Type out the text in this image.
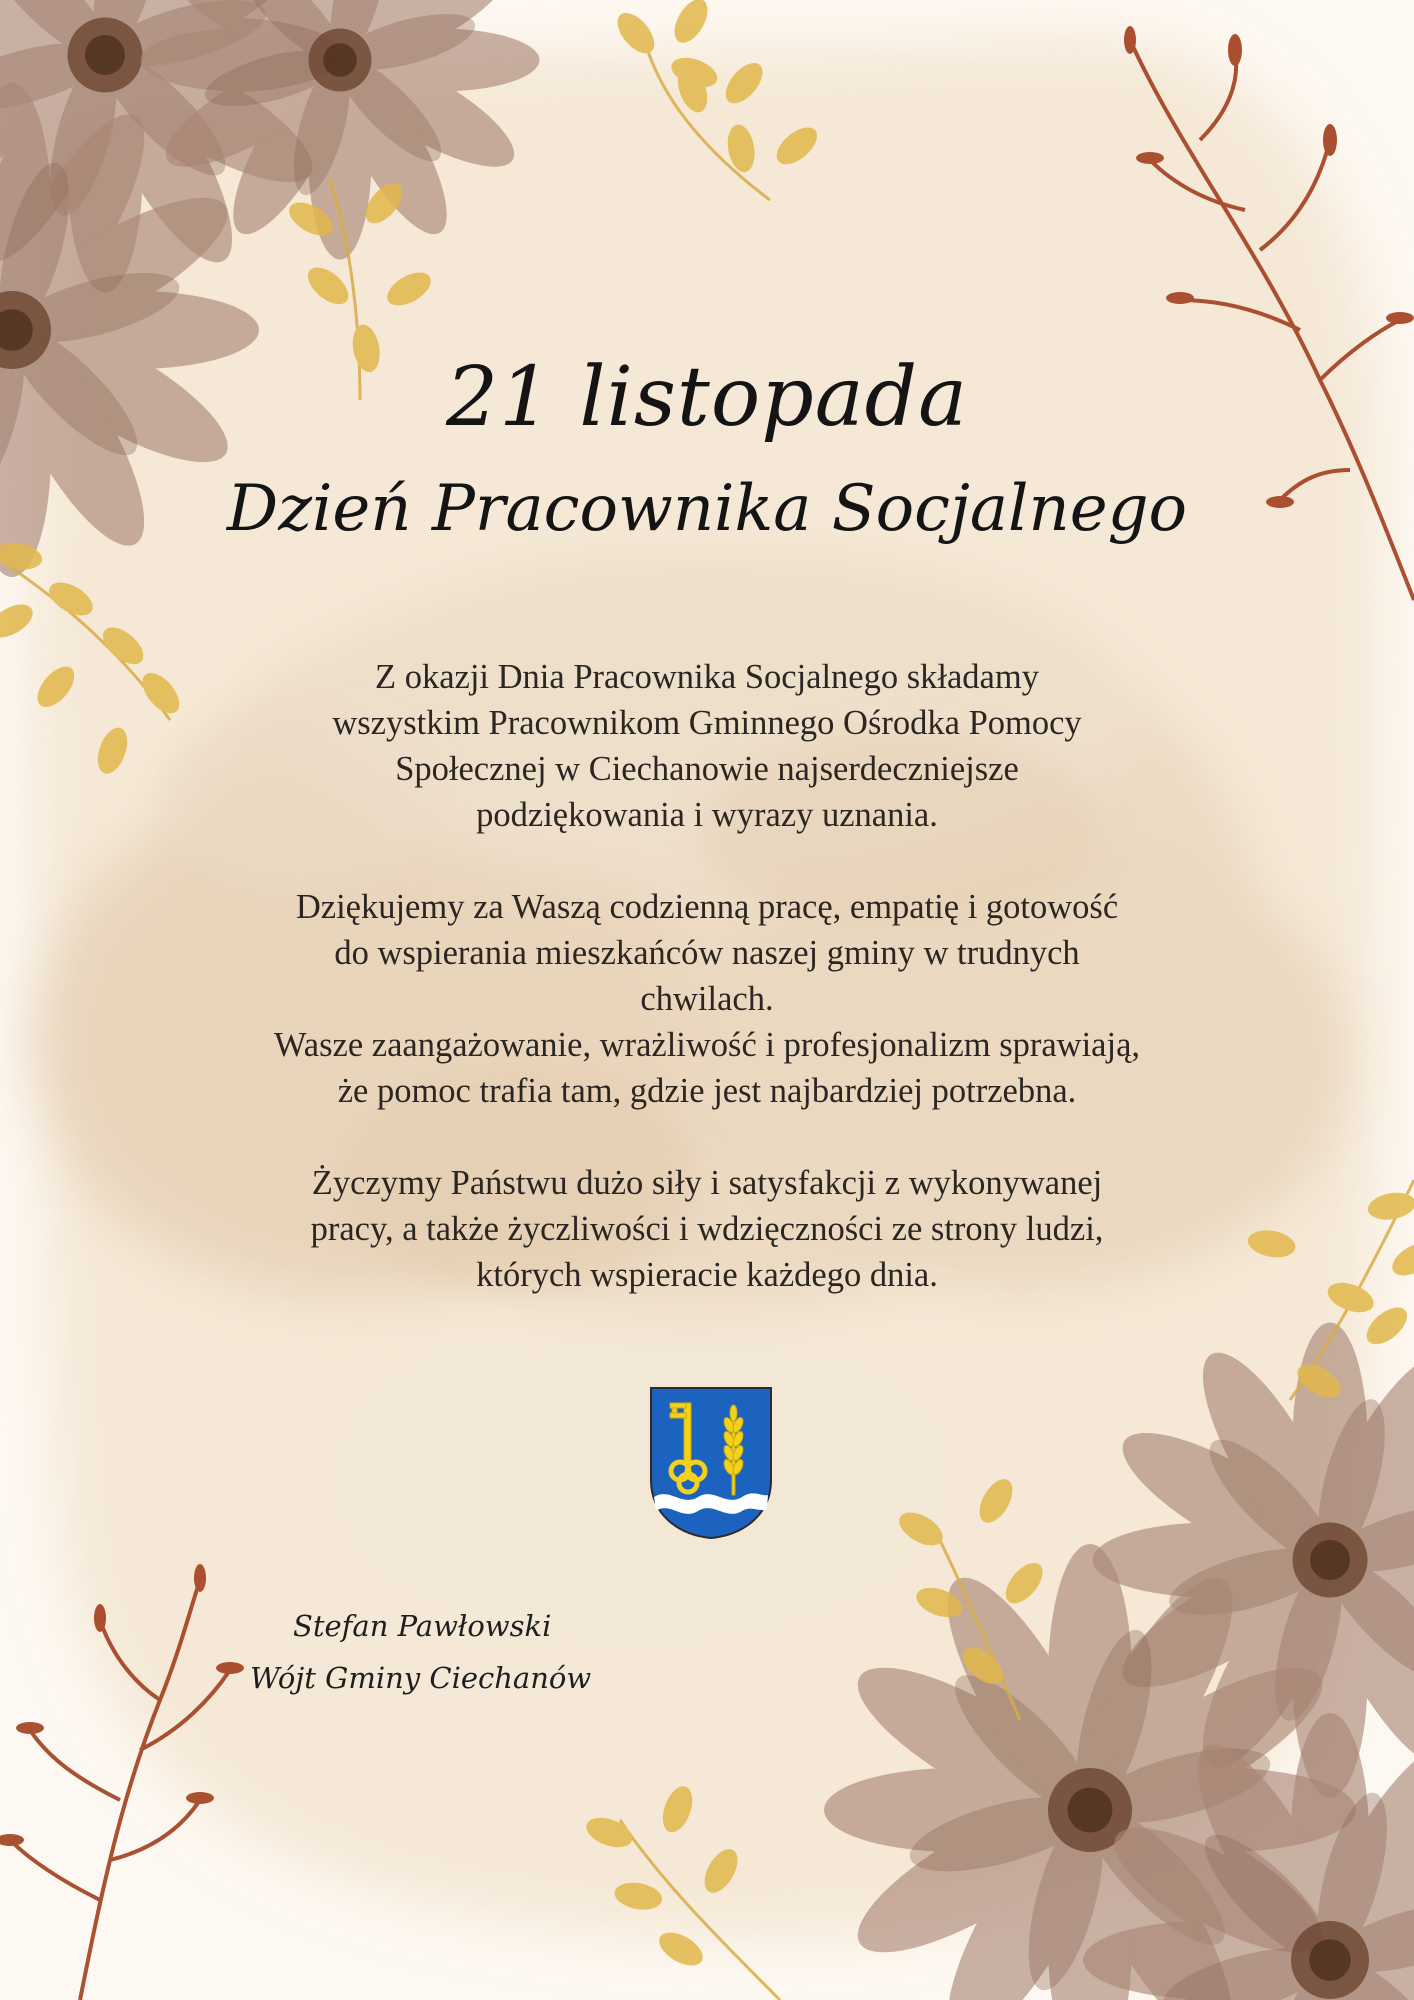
21 listopada
Dzień Pracownika Socjalnego
Z okazji Dnia Pracownika Socjalnego składamy
wszystkim Pracownikom Gminnego Ośrodka Pomocy
Społecznej w Ciechanowie najserdeczniejsze
podziękowania i wyrazy uznania.
Dziękujemy za Waszą codzienną pracę, empatię i gotowość
do wspierania mieszkańców naszej gminy w trudnych
chwilach.
Wasze zaangażowanie, wrażliwość i profesjonalizm sprawiają,
że pomoc trafia tam, gdzie jest najbardziej potrzebna.
Życzymy Państwu dużo siły i satysfakcji z wykonywanej
pracy, a także życzliwości i wdzięczności ze strony ludzi,
których wspieracie każdego dnia.
Stefan Pawłowski
Wójt Gminy Ciechanów
